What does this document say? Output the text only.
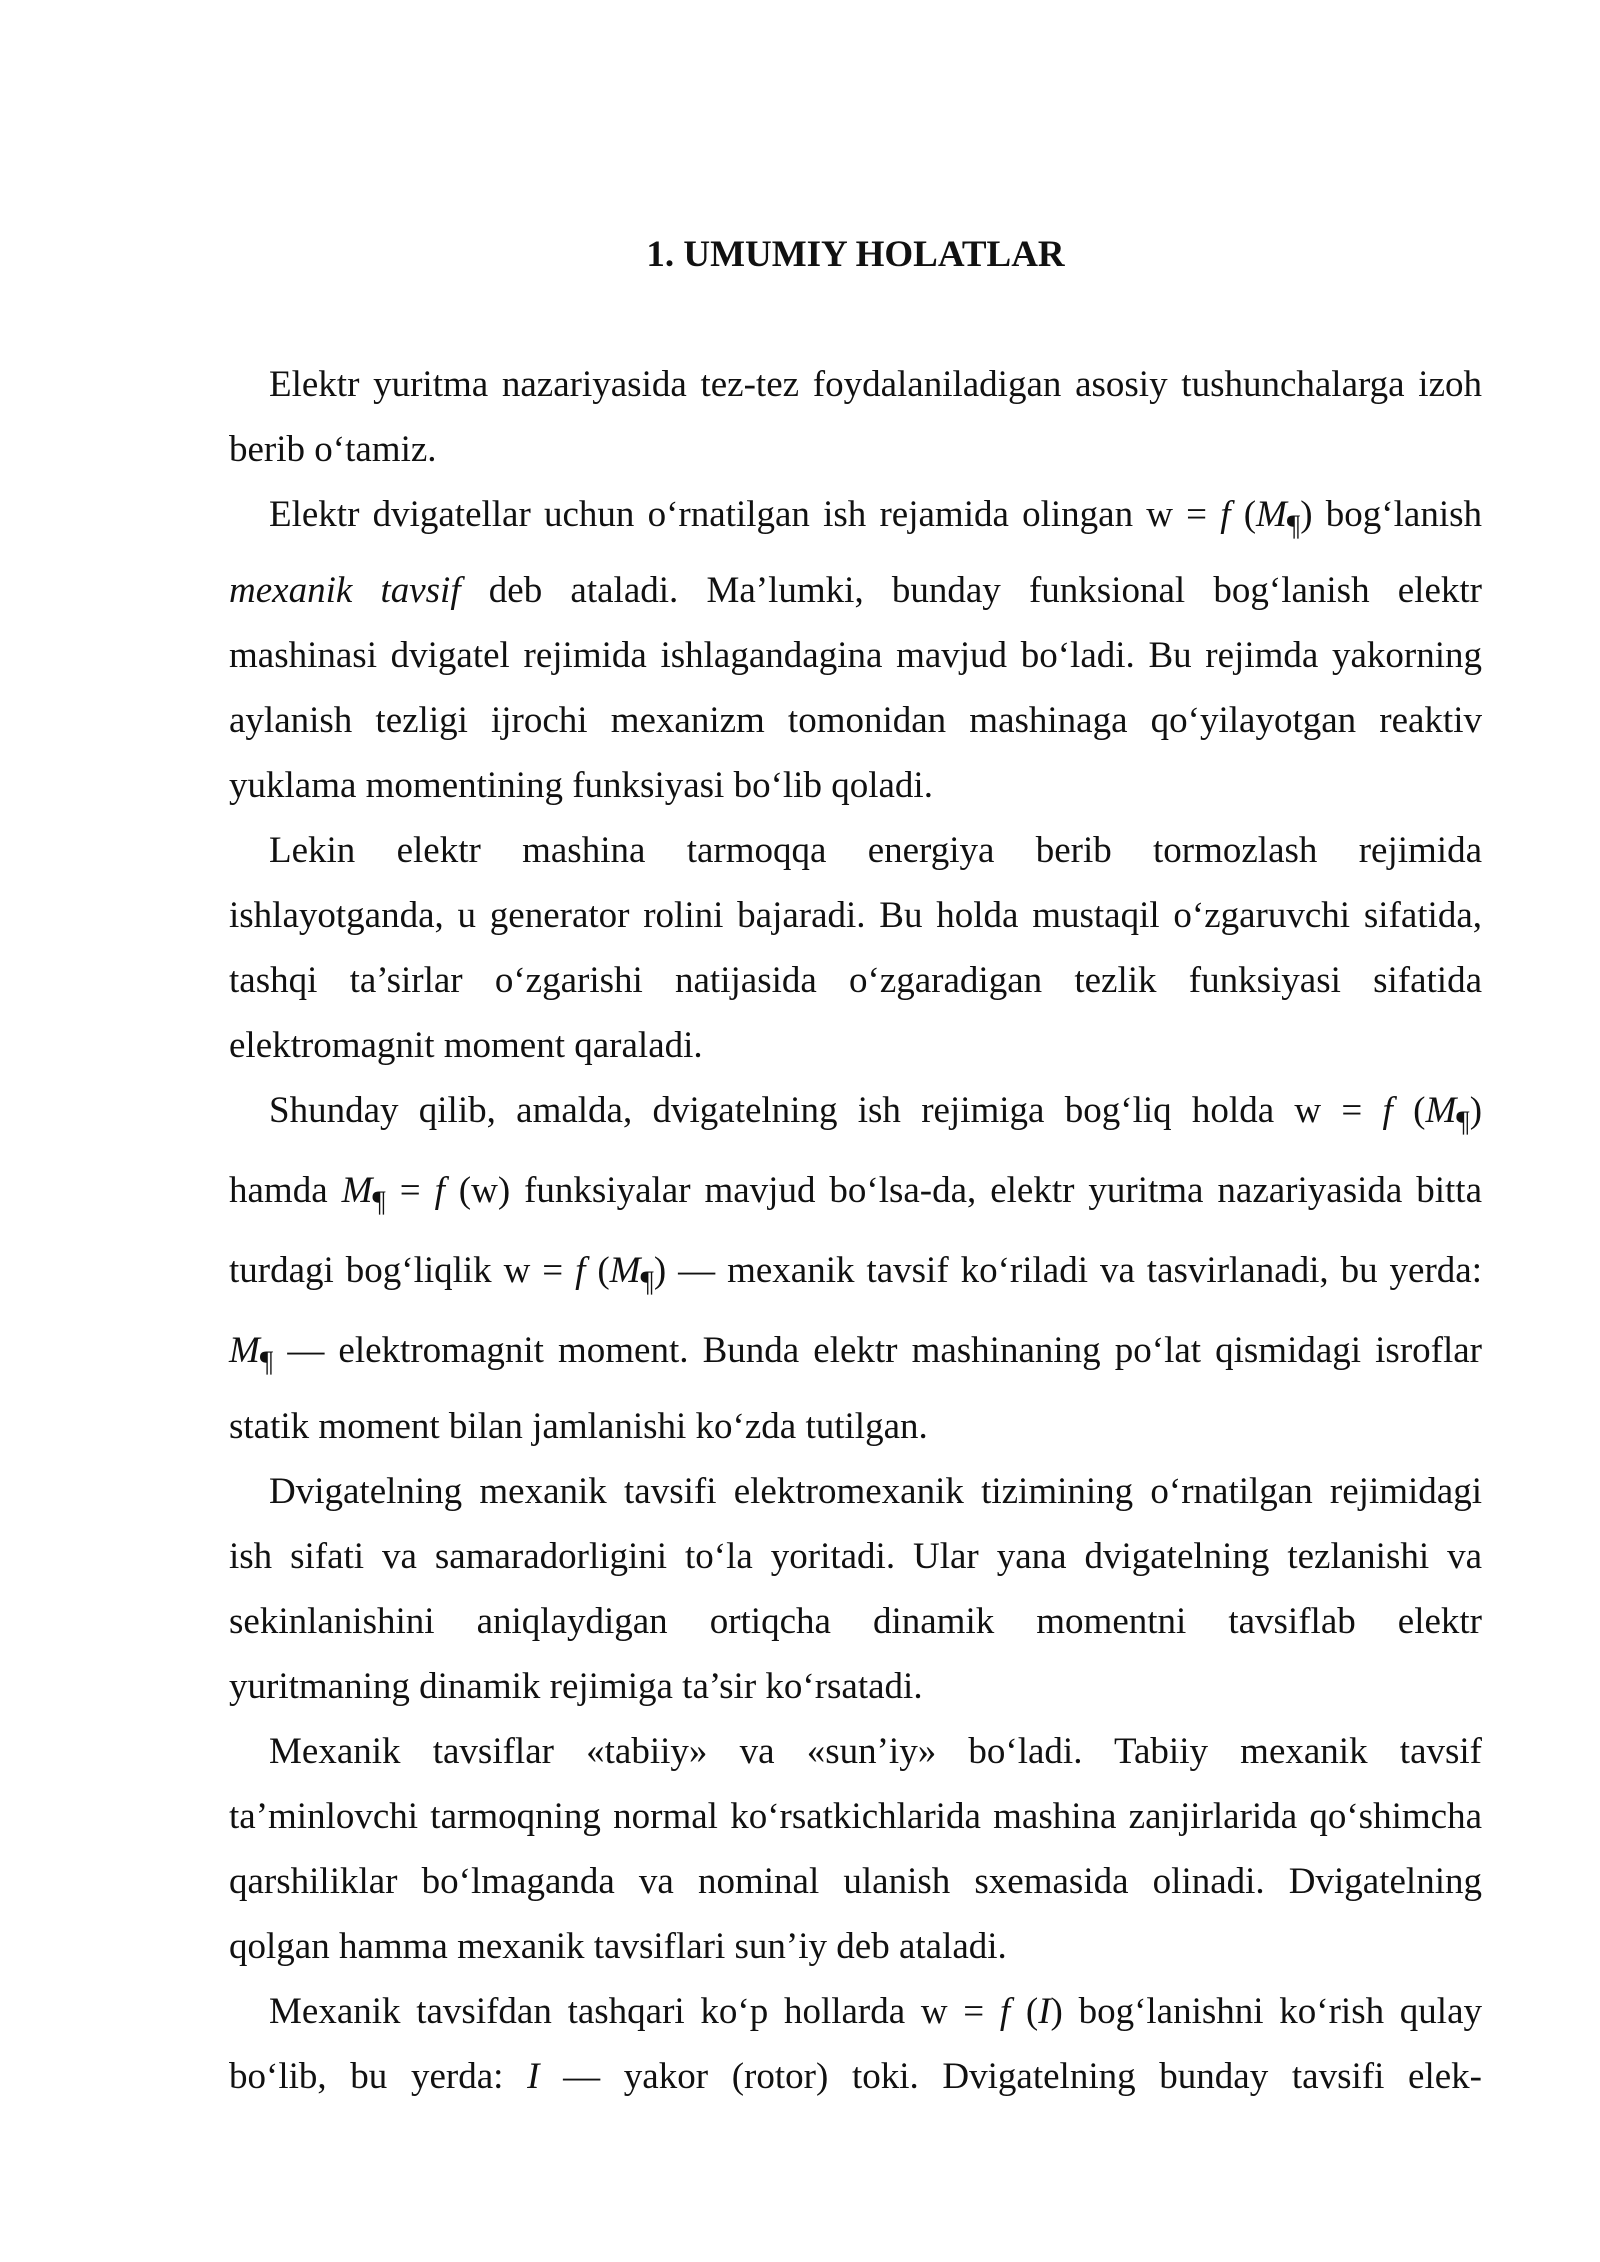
1. UMUMIY HOLATLAR
Elektr yuritma nazariyasida tez-tez foydalaniladigan asosiy tushunchalarga izoh
berib o‘tamiz.
Elektr dvigatellar uchun o‘rnatilgan ish rejamida olingan w = f $(M_\P)$ bog‘lanish
mexanik tavsif deb ataladi. Ma’lumki, bunday funksional bog‘lanish elektr
mashinasi dvigatel rejimida ishlagandagina mavjud bo‘ladi. Bu rejimda yakorning
aylanish tezligi ijrochi mexanizm tomonidan mashinaga qo‘yilayotgan reaktiv
yuklama momentining funksiyasi bo‘lib qoladi.
Lekin elektr mashina tarmoqqa energiya berib tormozlash rejimida
ishlayotganda, u generator rolini bajaradi. Bu holda mustaqil o‘zgaruvchi sifatida,
tashqi ta’sirlar o‘zgarishi natijasida o‘zgaradigan tezlik funksiyasi sifatida
elektromagnit moment qaraladi.
Shunday qilib, amalda, dvigatelning ish rejimiga bog‘liq holda w = f $(M_\P)$
hamda $M_\P = f$ (w) funksiyalar mavjud bo‘lsa-da, elektr yuritma nazariyasida bitta
turdagi bog‘liqlik w = f $(M_\P)$ — mexanik tavsif ko‘riladi va tasvirlanadi, bu yerda:
$M_\P$ — elektromagnit moment. Bunda elektr mashinaning po‘lat qismidagi isroflar
statik moment bilan jamlanishi ko‘zda tutilgan.
Dvigatelning mexanik tavsifi elektromexanik tizimining o‘rnatilgan rejimidagi
ish sifati va samaradorligini to‘la yoritadi. Ular yana dvigatelning tezlanishi va
sekinlanishini aniqlaydigan ortiqcha dinamik momentni tavsiflab elektr
yuritmaning dinamik rejimiga ta’sir ko‘rsatadi.
Mexanik tavsiflar «tabiiy» va «sun’iy» bo‘ladi. Tabiiy mexanik tavsif
ta’minlovchi tarmoqning normal ko‘rsatkichlarida mashina zanjirlarida qo‘shimcha
qarshiliklar bo‘lmaganda va nominal ulanish sxemasida olinadi. Dvigatelning
qolgan hamma mexanik tavsiflari sun’iy deb ataladi.
Mexanik tavsifdan tashqari ko‘p hollarda w = f (I) bog‘lanishni ko‘rish qulay
bo‘lib, bu yerda: I — yakor (rotor) toki. Dvigatelning bunday tavsifi elek-
